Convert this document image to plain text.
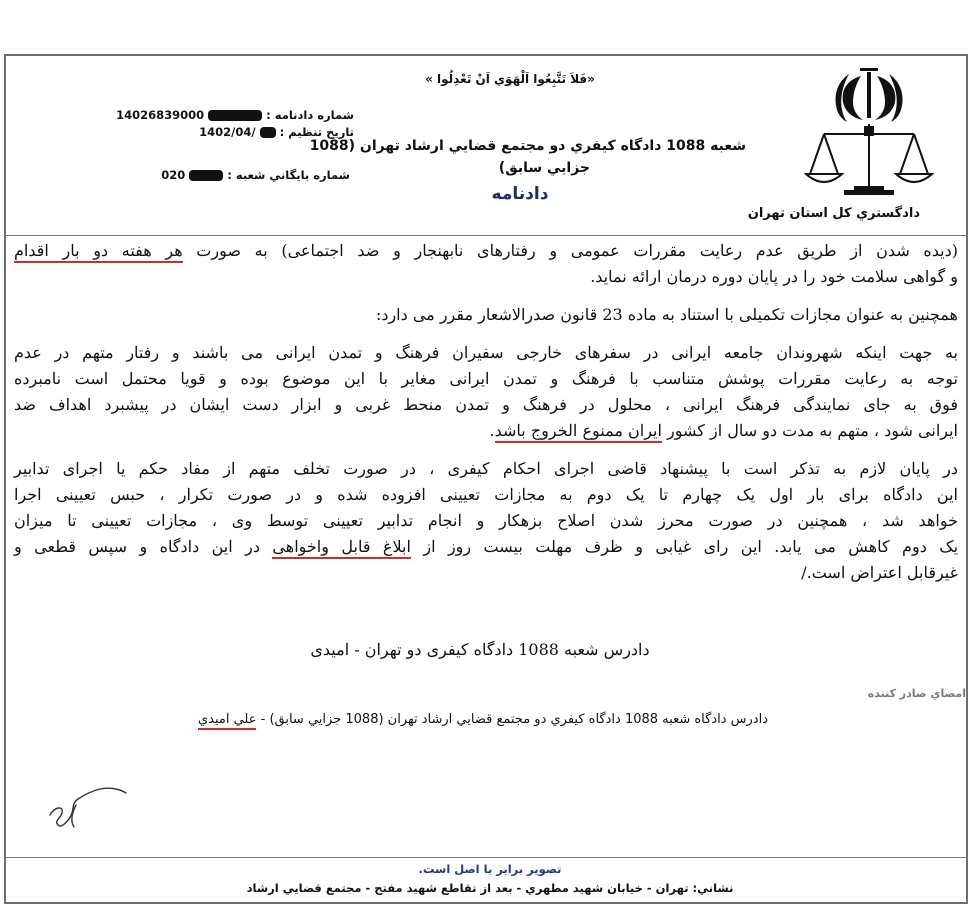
«فَلاَ تَتَّبِعُوا اَلْهَوَي اَنْ تَعْدِلُوا »
شعبه 1088 دادگاه كيفري دو مجتمع قضايي ارشاد تهران (1088
جزايي سابق)
دادنامه
دادگستري كل استان تهران
شماره دادنامه :  14026839000
تاريخ تنظيم :  1402/04/
شماره بايگاني شعبه :  020

(دیده شدن از طریق عدم رعایت مقررات عمومی و رفتارهای نابهنجار و ضد اجتماعی) به صورت هر هفته دو بار اقدام
و گواهی سلامت خود را در پایان دوره درمان ارائه نماید.

همچنین به عنوان مجازات تکمیلی با استناد به ماده 23 قانون صدرالاشعار مقرر می دارد:

به جهت اینکه شهروندان جامعه ایرانی در سفرهای خارجی سفیران فرهنگ و تمدن ایرانی می باشند و رفتار متهم در عدم
توجه به رعایت مقررات پوشش متناسب با فرهنگ و تمدن ایرانی مغایر با این موضوع بوده و قویا محتمل است نامبرده
فوق به جای نمایندگی فرهنگ ایرانی ، محلول در فرهنگ و تمدن منحط غربی و ابزار دست ایشان در پیشبرد اهداف ضد
ایرانی شود ، متهم به مدت دو سال از کشور ایران ممنوع الخروج باشد.

در پایان لازم به تذکر است با پیشنهاد قاضی اجرای احکام کیفری ، در صورت تخلف متهم از مفاد حکم یا اجرای تدابیر
این دادگاه برای بار اول یک چهارم تا یک دوم به مجازات تعیینی افزوده شده و در صورت تکرار ، حبس تعیینی اجرا
خواهد شد ، همچنین در صورت محرز شدن اصلاح بزهکار و انجام تدابیر تعیینی توسط وی ، مجازات تعیینی تا میزان
یک دوم کاهش می یابد. این رای غیابی و ظرف مهلت بیست روز از ابلاغ قابل واخواهی در این دادگاه و سپس قطعی و
غیرقابل اعتراض است./

دادرس شعبه 1088 دادگاه کیفری دو تهران - امیدی
امضاي صادر كننده
دادرس دادگاه شعبه 1088 دادگاه كيفري دو مجتمع قضايي ارشاد تهران (1088 جزايي سابق) - علي اميدي
تصوير برابر با اصل است.
نشاني: تهران - خيابان شهيد مطهري - بعد از تقاطع شهيد مفتح - مجتمع قضايي ارشاد
